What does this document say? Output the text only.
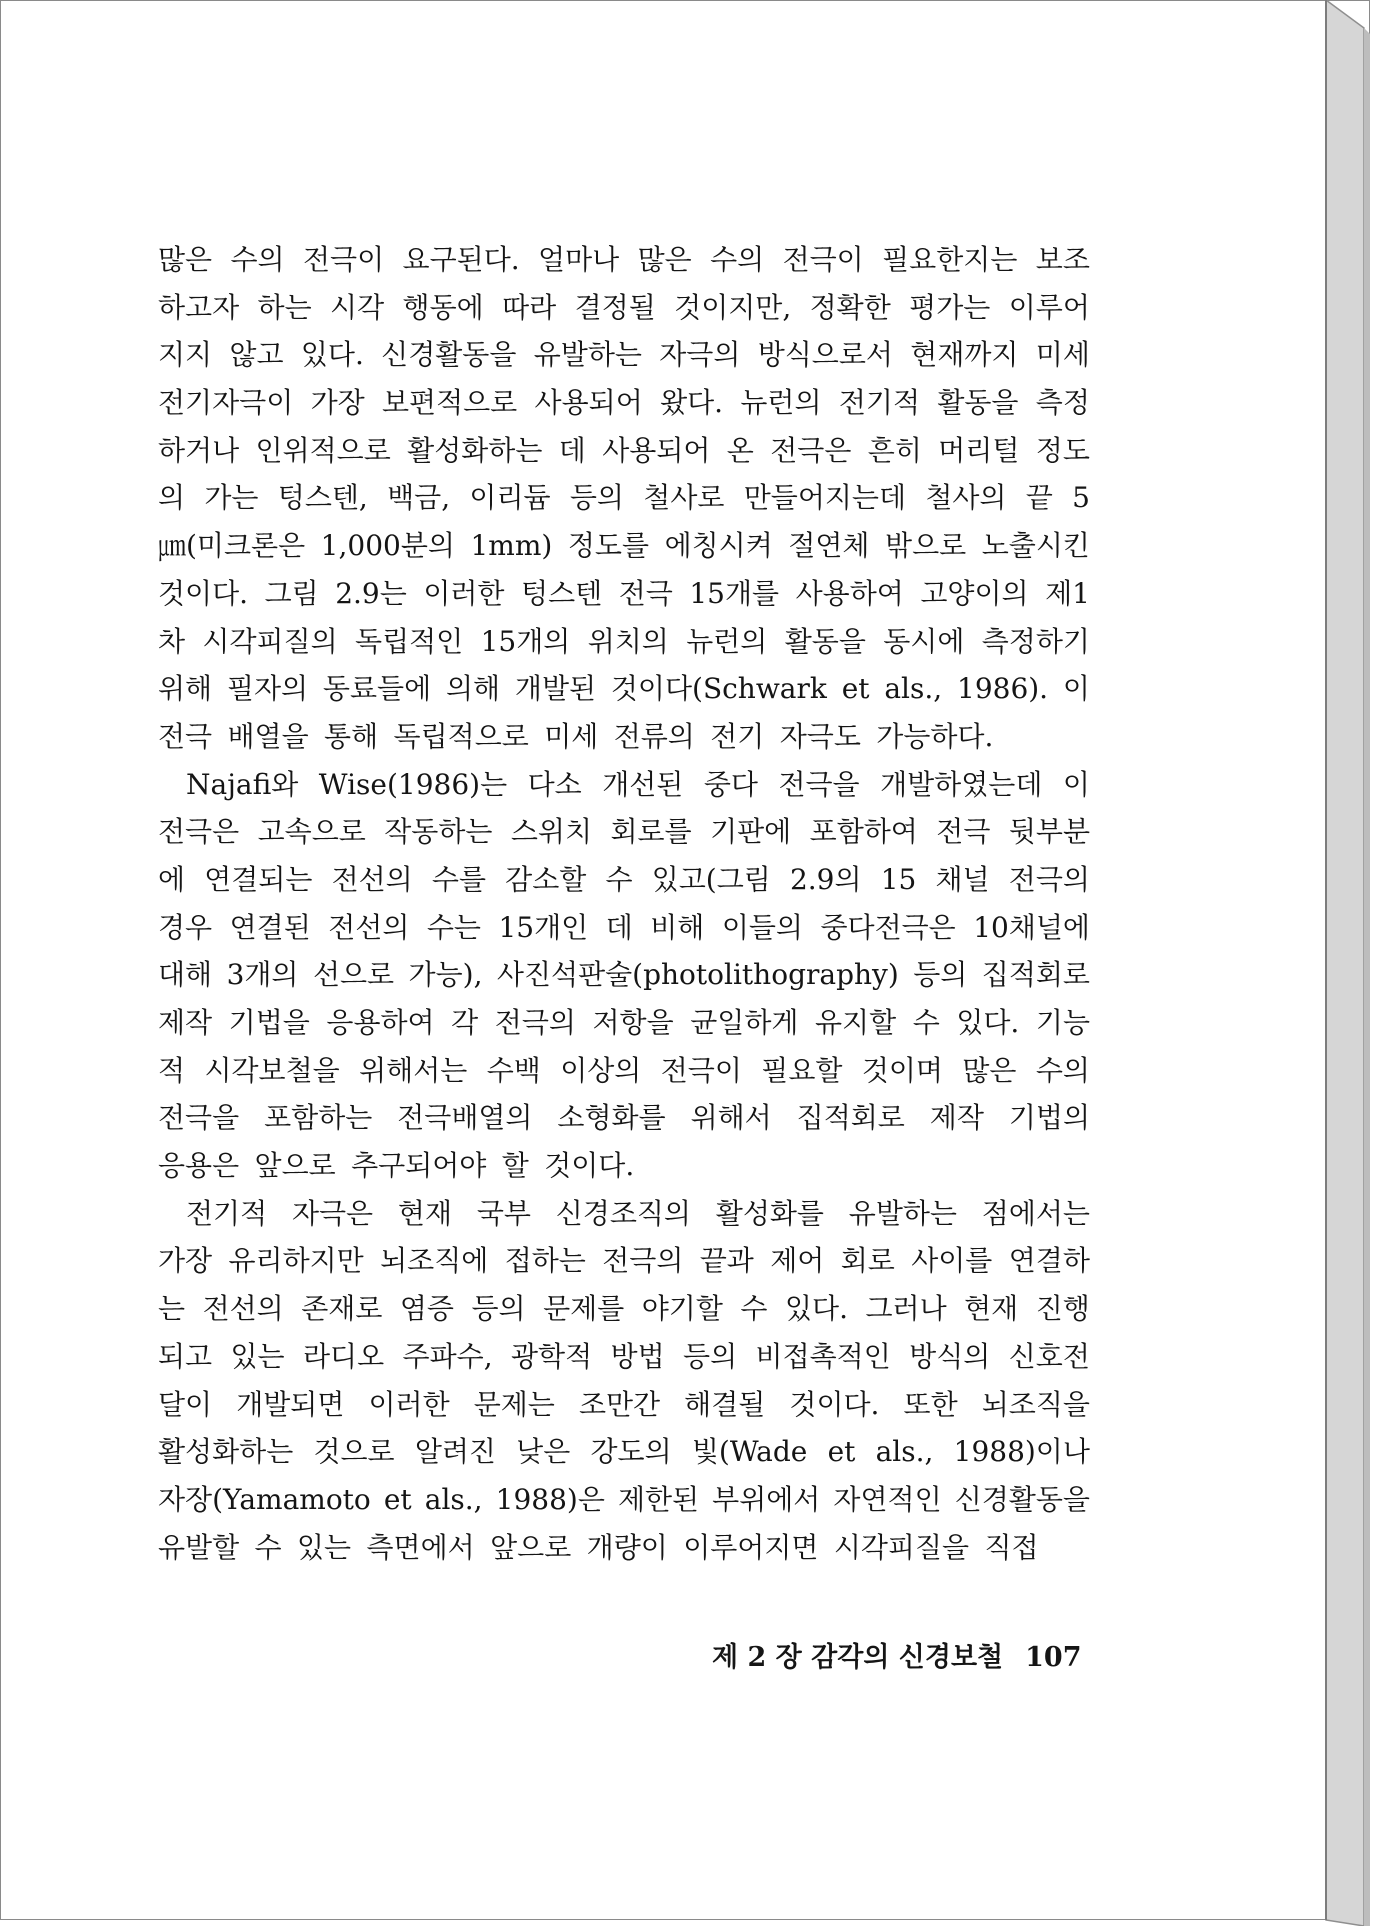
많은 수의 전극이 요구된다. 얼마나 많은 수의 전극이 필요한지는 보조
하고자 하는 시각 행동에 따라 결정될 것이지만, 정확한 평가는 이루어
지지 않고 있다. 신경활동을 유발하는 자극의 방식으로서 현재까지 미세
전기자극이 가장 보편적으로 사용되어 왔다. 뉴런의 전기적 활동을 측정
하거나 인위적으로 활성화하는 데 사용되어 온 전극은 흔히 머리털 정도
의 가는 텅스텐, 백금, 이리듐 등의 철사로 만들어지는데 철사의 끝 5
㎛(미크론은 1,000분의 1mm) 정도를 에칭시켜 절연체 밖으로 노출시킨
것이다. 그림 2.9는 이러한 텅스텐 전극 15개를 사용하여 고양이의 제1
차 시각피질의 독립적인 15개의 위치의 뉴런의 활동을 동시에 측정하기
위해 필자의 동료들에 의해 개발된 것이다(Schwark et als., 1986). 이
전극 배열을 통해 독립적으로 미세 전류의 전기 자극도 가능하다.
Najafi와 Wise(1986)는 다소 개선된 중다 전극을 개발하였는데 이
전극은 고속으로 작동하는 스위치 회로를 기판에 포함하여 전극 뒷부분
에 연결되는 전선의 수를 감소할 수 있고(그림 2.9의 15 채널 전극의
경우 연결된 전선의 수는 15개인 데 비해 이들의 중다전극은 10채널에
대해 3개의 선으로 가능), 사진석판술(photolithography) 등의 집적회로
제작 기법을 응용하여 각 전극의 저항을 균일하게 유지할 수 있다. 기능
적 시각보철을 위해서는 수백 이상의 전극이 필요할 것이며 많은 수의
전극을 포함하는 전극배열의 소형화를 위해서 집적회로 제작 기법의
응용은 앞으로 추구되어야 할 것이다.
전기적 자극은 현재 국부 신경조직의 활성화를 유발하는 점에서는
가장 유리하지만 뇌조직에 접하는 전극의 끝과 제어 회로 사이를 연결하
는 전선의 존재로 염증 등의 문제를 야기할 수 있다. 그러나 현재 진행
되고 있는 라디오 주파수, 광학적 방법 등의 비접촉적인 방식의 신호전
달이 개발되면 이러한 문제는 조만간 해결될 것이다. 또한 뇌조직을
활성화하는 것으로 알려진 낮은 강도의 빛(Wade et als., 1988)이나
자장(Yamamoto et als., 1988)은 제한된 부위에서 자연적인 신경활동을
유발할 수 있는 측면에서 앞으로 개량이 이루어지면 시각피질을 직접
제 2 장 감각의 신경보철 107
